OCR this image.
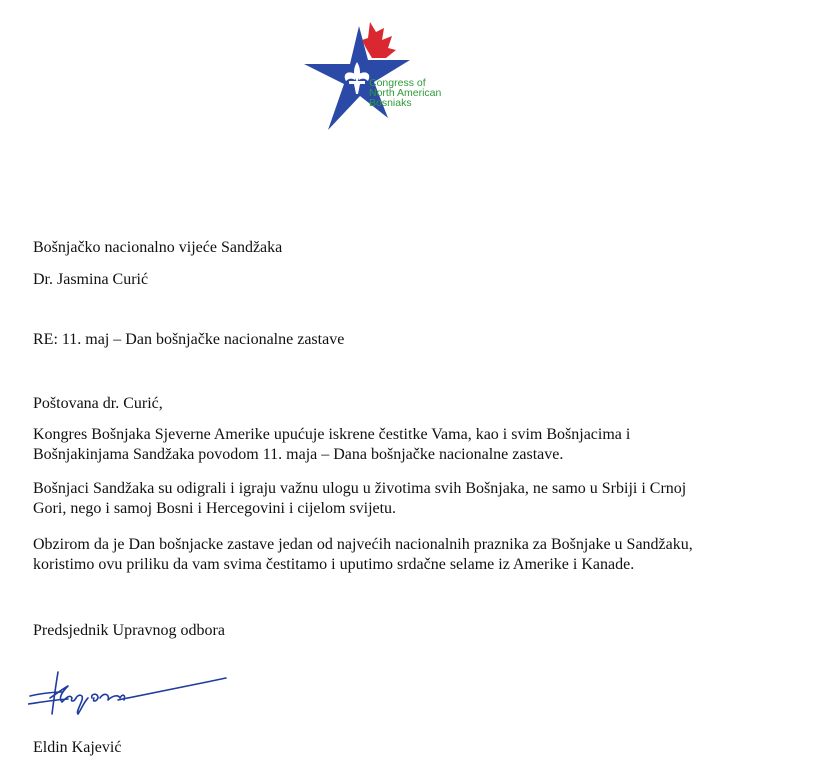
Congress of
North American
Bosniaks
Bošnjačko nacionalno vijeće Sandžaka
Dr. Jasmina Curić
RE: 11. maj – Dan bošnjačke nacionalne zastave
Poštovana dr. Curić,
Kongres Bošnjaka Sjeverne Amerike upućuje iskrene čestitke Vama, kao i svim Bošnjacima i
Bošnjakinjama Sandžaka povodom 11. maja – Dana bošnjačke nacionalne zastave.
Bošnjaci Sandžaka su odigrali i igraju važnu ulogu u životima svih Bošnjaka, ne samo u Srbiji i Crnoj
Gori, nego i samoj Bosni i Hercegovini i cijelom svijetu.
Obzirom da je Dan bošnjacke zastave jedan od najvećih nacionalnih praznika za Bošnjake u Sandžaku,
koristimo ovu priliku da vam svima čestitamo i uputimo srdačne selame iz Amerike i Kanade.
Predsjednik Upravnog odbora
Eldin Kajević
